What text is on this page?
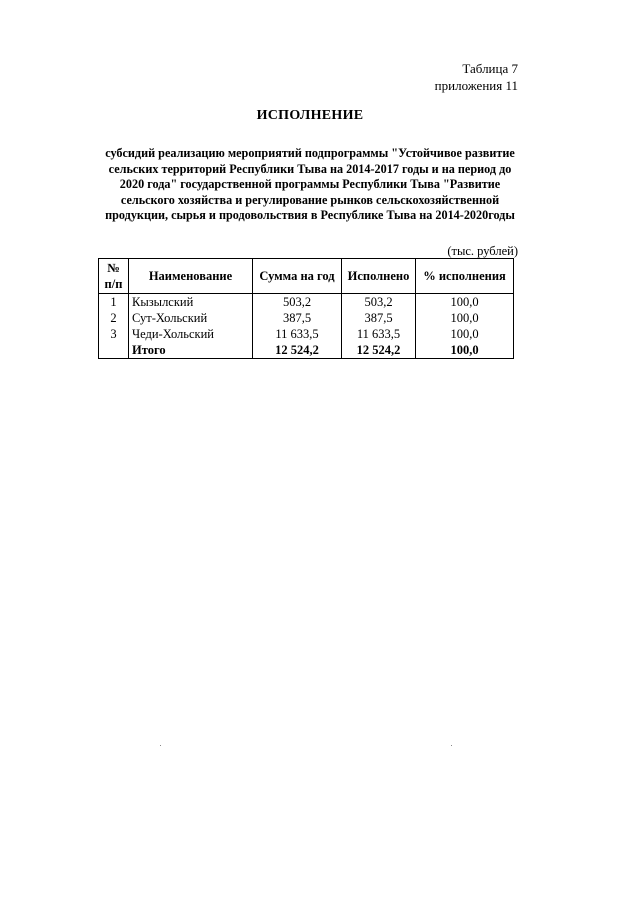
Таблица 7
приложения 11
ИСПОЛНЕНИЕ
субсидий реализацию мероприятий подпрограммы "Устойчивое развитие
сельских территорий Республики Тыва на 2014-2017 годы и на период до
2020 года" государственной программы Республики Тыва "Развитие
сельского хозяйства и регулирование рынков сельскохозяйственной
продукции, сырья и продовольствия в Республике Тыва на 2014-2020годы
(тыс. рублей)
№
п/п	Наименование	Сумма на год	Исполнено	% исполнения
1	Кызылский	503,2	503,2	100,0
2	Сут-Хольский	387,5	387,5	100,0
3	Чеди-Хольский	11 633,5	11 633,5	100,0
	Итого	12 524,2	12 524,2	100,0
